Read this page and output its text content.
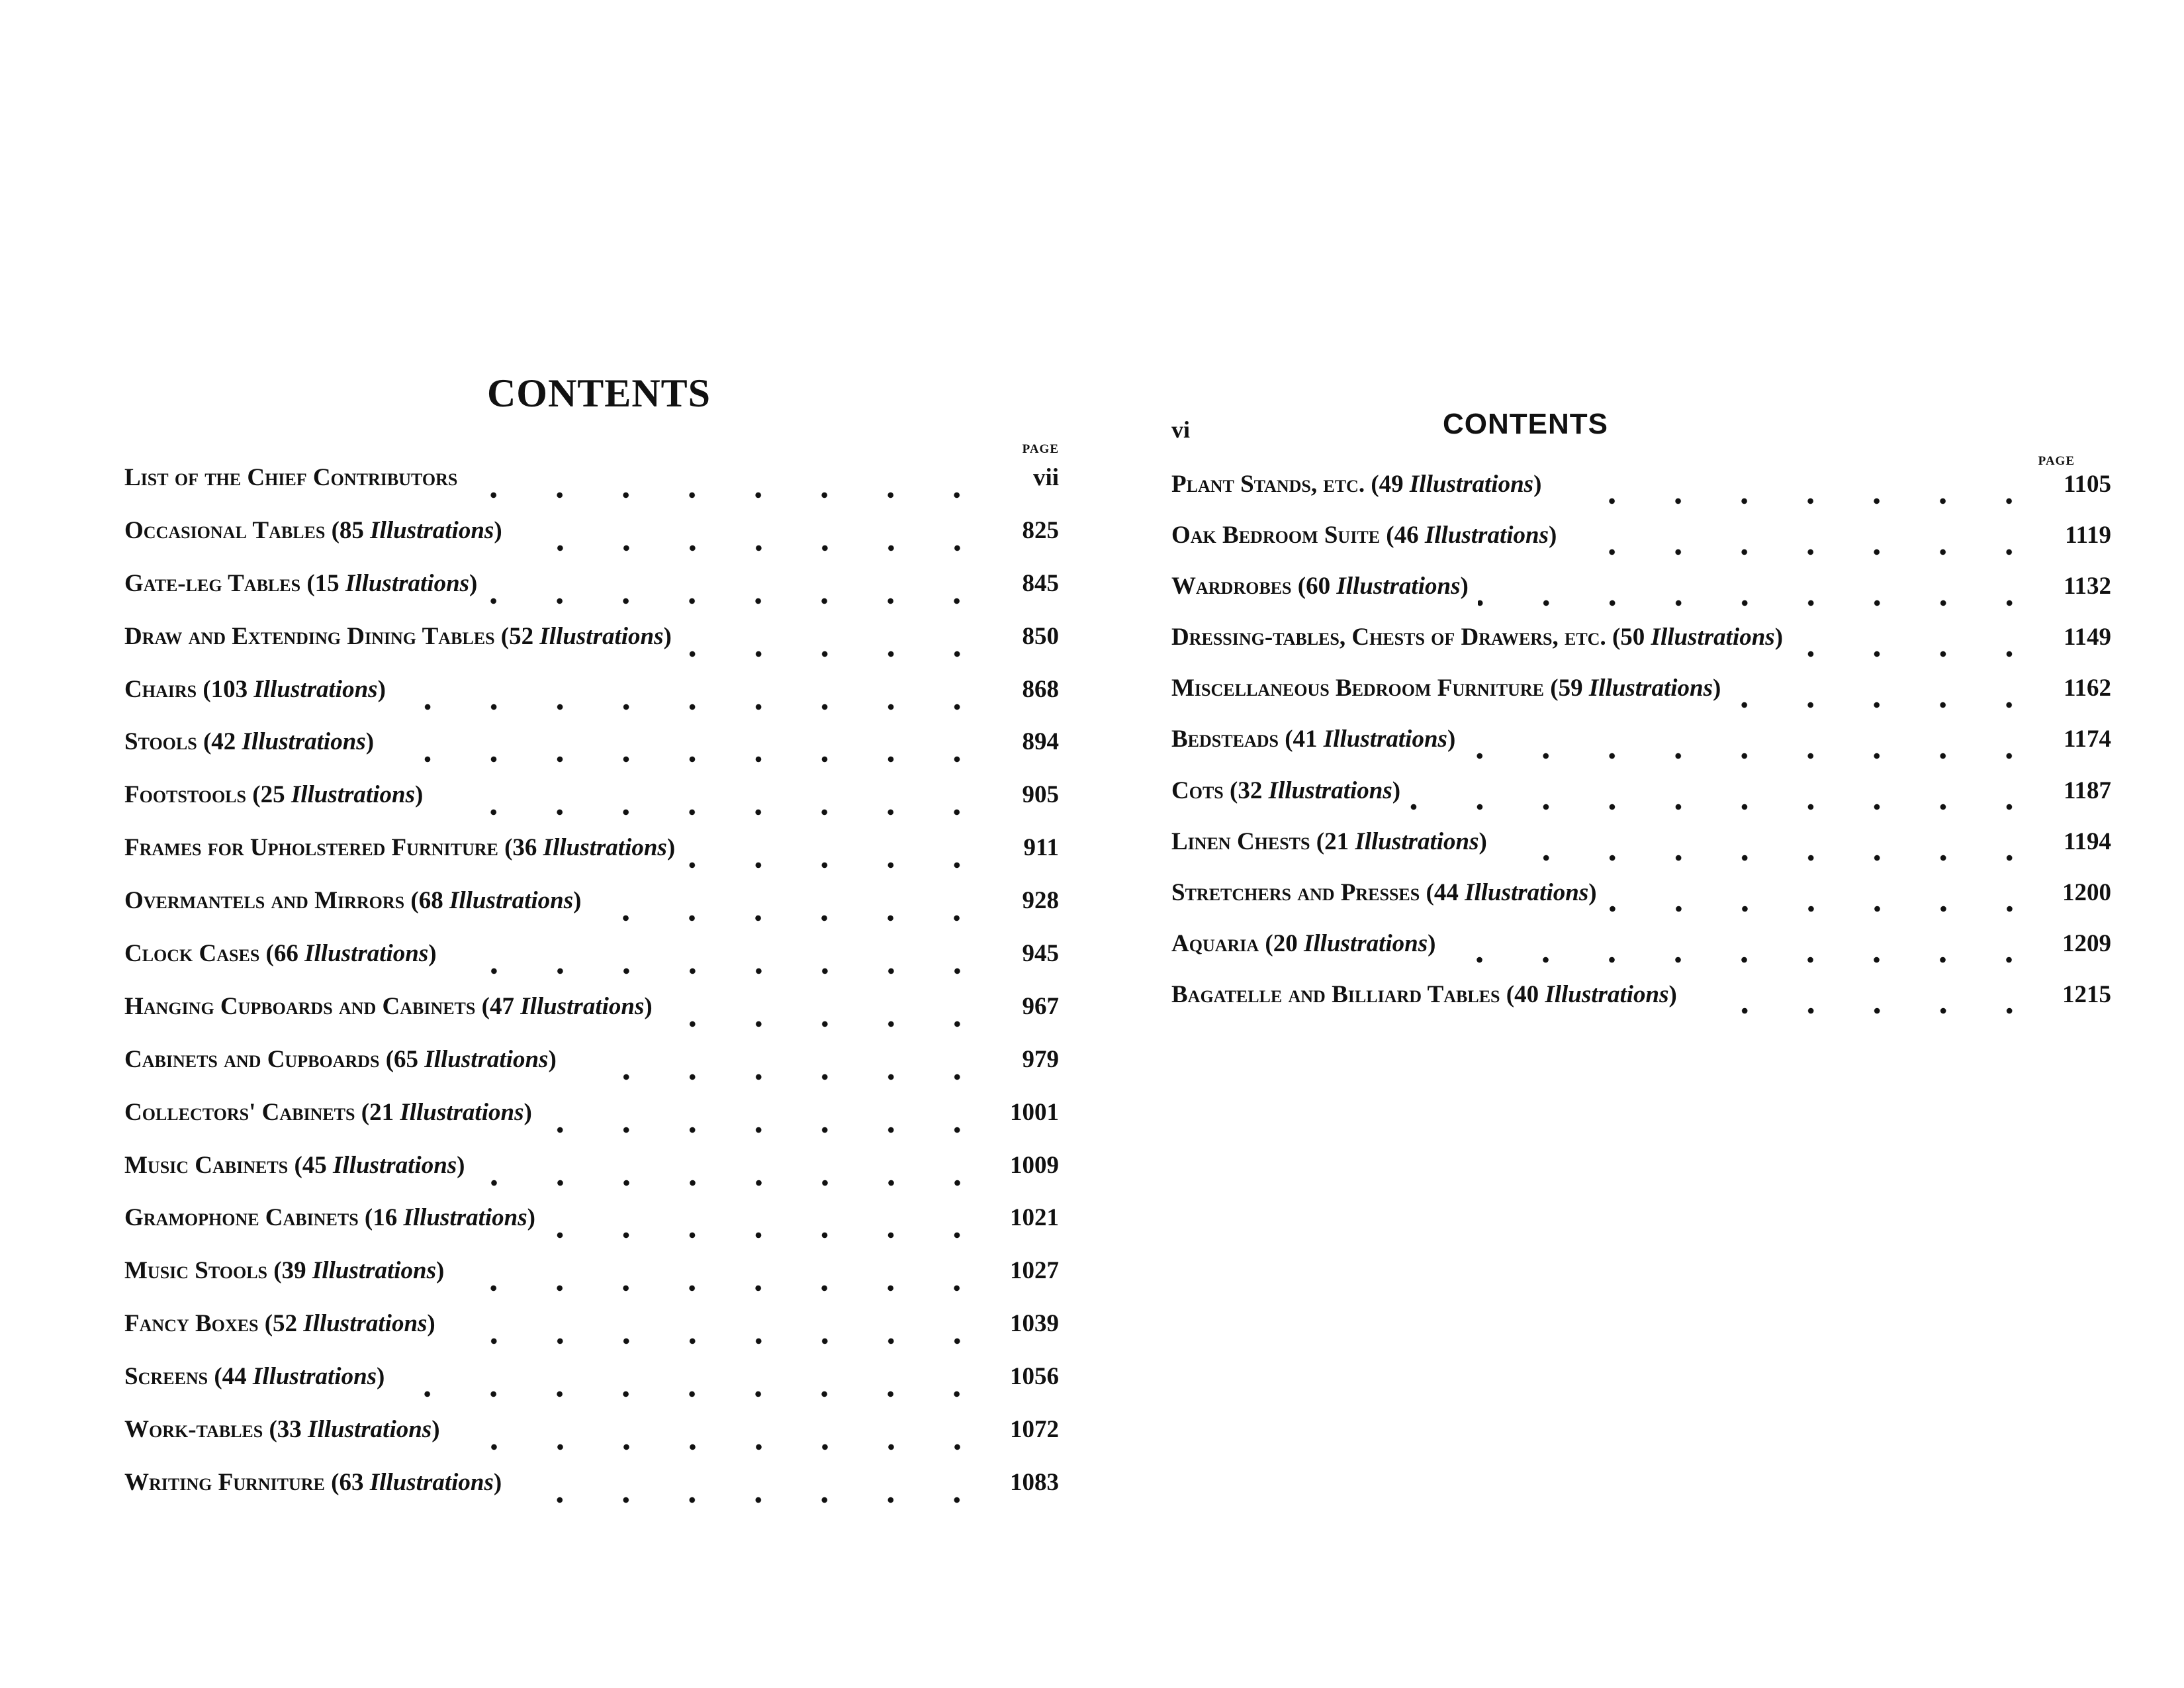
CONTENTS
PAGE
List of the Chief Contributors	vii
Occasional Tables (85 Illustrations)	825
Gate-leg Tables (15 Illustrations)	845
Draw and Extending Dining Tables (52 Illustrations)	850
Chairs (103 Illustrations)	868
Stools (42 Illustrations)	894
Footstools (25 Illustrations)	905
Frames for Upholstered Furniture (36 Illustrations)	911
Overmantels and Mirrors (68 Illustrations)	928
Clock Cases (66 Illustrations)	945
Hanging Cupboards and Cabinets (47 Illustrations)	967
Cabinets and Cupboards (65 Illustrations)	979
Collectors' Cabinets (21 Illustrations)	1001
Music Cabinets (45 Illustrations)	1009
Gramophone Cabinets (16 Illustrations)	1021
Music Stools (39 Illustrations)	1027
Fancy Boxes (52 Illustrations)	1039
Screens (44 Illustrations)	1056
Work-tables (33 Illustrations)	1072
Writing Furniture (63 Illustrations)	1083
vi	CONTENTS
PAGE
Plant Stands, etc. (49 Illustrations)	1105
Oak Bedroom Suite (46 Illustrations)	1119
Wardrobes (60 Illustrations)	1132
Dressing-tables, Chests of Drawers, etc. (50 Illustrations)	1149
Miscellaneous Bedroom Furniture (59 Illustrations)	1162
Bedsteads (41 Illustrations)	1174
Cots (32 Illustrations)	1187
Linen Chests (21 Illustrations)	1194
Stretchers and Presses (44 Illustrations)	1200
Aquaria (20 Illustrations)	1209
Bagatelle and Billiard Tables (40 Illustrations)	1215
